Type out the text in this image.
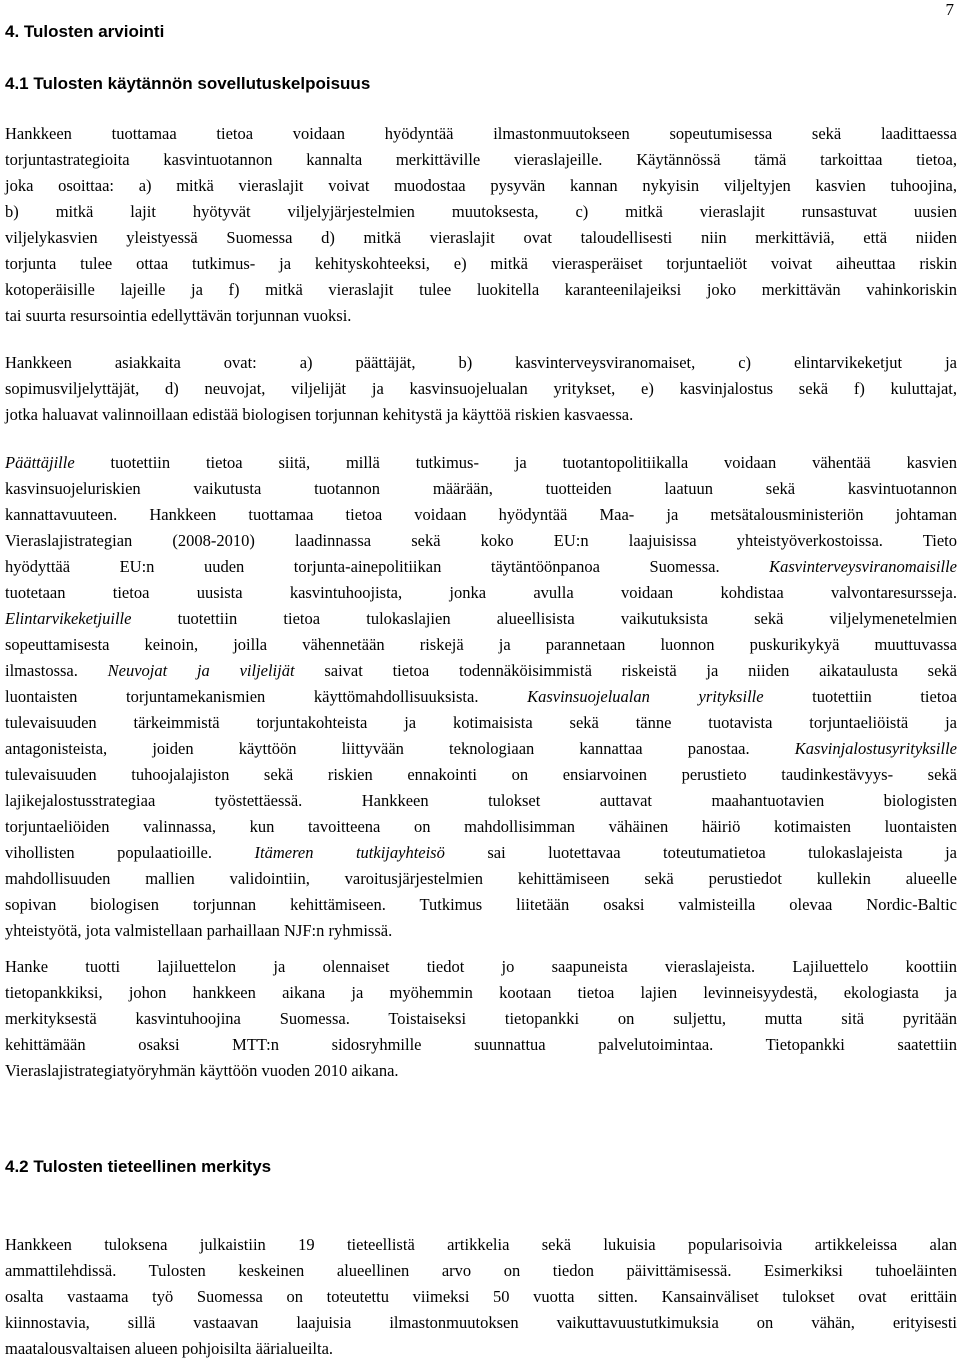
7
4. Tulosten arviointi
4.1 Tulosten käytännön sovellutuskelpoisuus
Hankkeen tuottamaa tietoa voidaan hyödyntää ilmastonmuutokseen sopeutumisessa sekä laadittaessa
torjuntastrategioita kasvintuotannon kannalta merkittäville vieraslajeille. Käytännössä tämä tarkoittaa tietoa,
joka osoittaa: a) mitkä vieraslajit voivat muodostaa pysyvän kannan nykyisin viljeltyjen kasvien tuhoojina,
b) mitkä lajit hyötyvät viljelyjärjestelmien muutoksesta, c) mitkä vieraslajit runsastuvat uusien
viljelykasvien yleistyessä Suomessa d) mitkä vieraslajit ovat taloudellisesti niin merkittäviä, että niiden
torjunta tulee ottaa tutkimus- ja kehityskohteeksi, e) mitkä vierasperäiset torjuntaeliöt voivat aiheuttaa riskin
kotoperäisille lajeille ja f) mitkä vieraslajit tulee luokitella karanteenilajeiksi joko merkittävän vahinkoriskin
tai suurta resursointia edellyttävän torjunnan vuoksi.
Hankkeen asiakkaita ovat: a) päättäjät, b) kasvinterveysviranomaiset, c) elintarvikeketjut ja
sopimusviljelyttäjät, d) neuvojat, viljelijät ja kasvinsuojelualan yritykset, e) kasvinjalostus sekä f) kuluttajat,
jotka haluavat valinnoillaan edistää biologisen torjunnan kehitystä ja käyttöä riskien kasvaessa.
Päättäjille tuotettiin tietoa siitä, millä tutkimus- ja tuotantopolitiikalla voidaan vähentää kasvien
kasvinsuojeluriskien vaikutusta tuotannon määrään, tuotteiden laatuun sekä kasvintuotannon
kannattavuuteen. Hankkeen tuottamaa tietoa voidaan hyödyntää Maa- ja metsätalousministeriön johtaman
Vieraslajistrategian (2008-2010) laadinnassa sekä koko EU:n laajuisissa yhteistyöverkostoissa. Tieto
hyödyttää EU:n uuden torjunta-ainepolitiikan täytäntöönpanoa Suomessa. Kasvinterveysviranomaisille
tuotetaan tietoa uusista kasvintuhoojista, jonka avulla voidaan kohdistaa valvontaresursseja.
Elintarvikeketjuille tuotettiin tietoa tulokaslajien alueellisista vaikutuksista sekä viljelymenetelmien
sopeuttamisesta keinoin, joilla vähennetään riskejä ja parannetaan luonnon puskurikykyä muuttuvassa
ilmastossa. Neuvojat ja viljelijät saivat tietoa todennäköisimmistä riskeistä ja niiden aikataulusta sekä
luontaisten torjuntamekanismien käyttömahdollisuuksista. Kasvinsuojelualan yrityksille tuotettiin tietoa
tulevaisuuden tärkeimmistä torjuntakohteista ja kotimaisista sekä tänne tuotavista torjuntaeliöistä ja
antagonisteista, joiden käyttöön liittyvään teknologiaan kannattaa panostaa. Kasvinjalostusyrityksille
tulevaisuuden tuhoojalajiston sekä riskien ennakointi on ensiarvoinen perustieto taudinkestävyys- sekä
lajikejalostusstrategiaa työstettäessä. Hankkeen tulokset auttavat maahantuotavien biologisten
torjuntaeliöiden valinnassa, kun tavoitteena on mahdollisimman vähäinen häiriö kotimaisten luontaisten
vihollisten populaatioille. Itämeren tutkijayhteisö sai luotettavaa toteutumatietoa tulokaslajeista ja
mahdollisuuden mallien validointiin, varoitusjärjestelmien kehittämiseen sekä perustiedot kullekin alueelle
sopivan biologisen torjunnan kehittämiseen. Tutkimus liitetään osaksi valmisteilla olevaa Nordic-Baltic
yhteistyötä, jota valmistellaan parhaillaan NJF:n ryhmissä.
Hanke tuotti lajiluettelon ja olennaiset tiedot jo saapuneista vieraslajeista. Lajiluettelo koottiin
tietopankkiksi, johon hankkeen aikana ja myöhemmin kootaan tietoa lajien levinneisyydestä, ekologiasta ja
merkityksestä kasvintuhoojina Suomessa. Toistaiseksi tietopankki on suljettu, mutta sitä pyritään
kehittämään osaksi MTT:n sidosryhmille suunnattua palvelutoimintaa. Tietopankki saatettiin
Vieraslajistrategiatyöryhmän käyttöön vuoden 2010 aikana.
4.2 Tulosten tieteellinen merkitys
Hankkeen tuloksena julkaistiin 19 tieteellistä artikkelia sekä lukuisia popularisoivia artikkeleissa alan
ammattilehdissä. Tulosten keskeinen alueellinen arvo on tiedon päivittämisessä. Esimerkiksi tuhoeläinten
osalta vastaama työ Suomessa on toteutettu viimeksi 50 vuotta sitten. Kansainväliset tulokset ovat erittäin
kiinnostavia, sillä vastaavan laajuisia ilmastonmuutoksen vaikuttavuustutkimuksia on vähän, erityisesti
maatalousvaltaisen alueen pohjoisilta äärialueilta.
